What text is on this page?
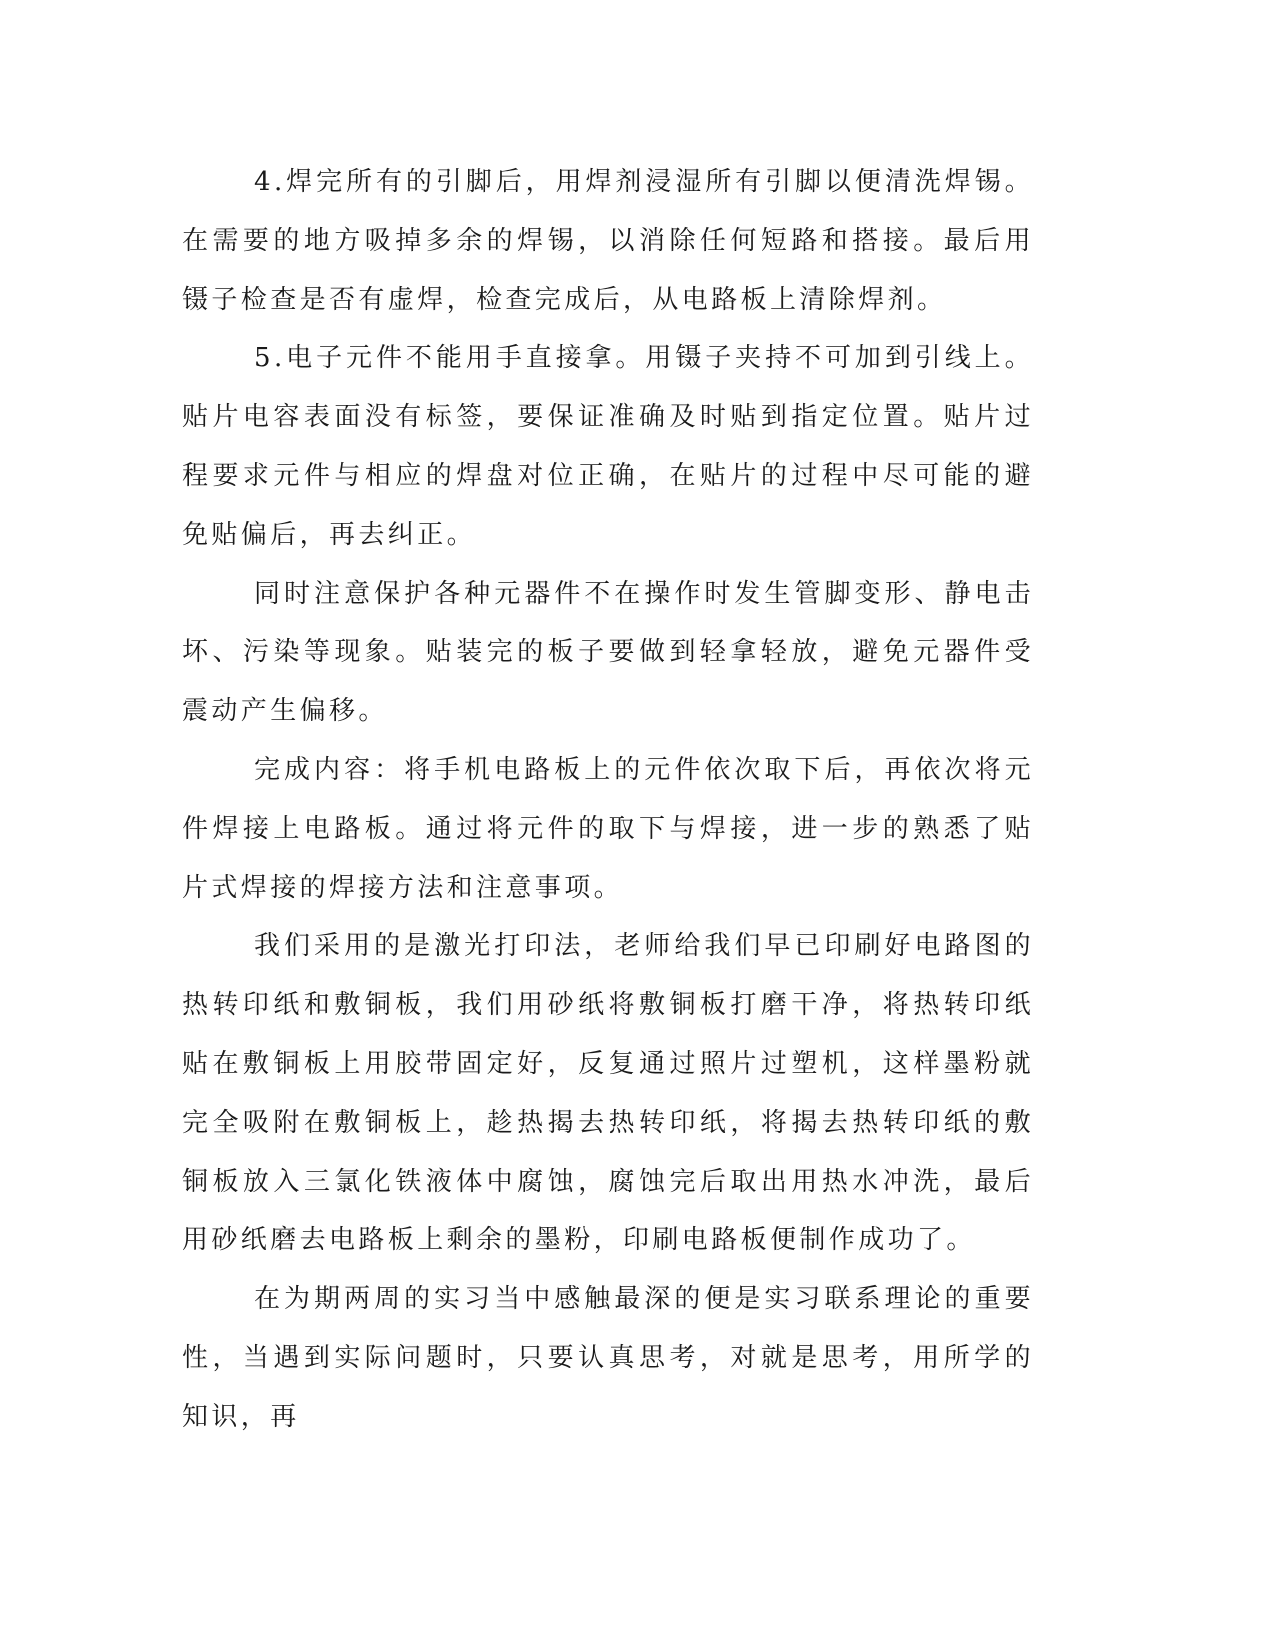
4.焊完所有的引脚后，用焊剂浸湿所有引脚以便清洗焊锡。在需要的地方吸掉多余的焊锡，以消除任何短路和搭接。最后用镊子检查是否有虚焊，检查完成后，从电路板上清除焊剂。

5.电子元件不能用手直接拿。用镊子夹持不可加到引线上。贴片电容表面没有标签，要保证准确及时贴到指定位置。贴片过程要求元件与相应的焊盘对位正确，在贴片的过程中尽可能的避免贴偏后，再去纠正。

同时注意保护各种元器件不在操作时发生管脚变形、静电击坏、污染等现象。贴装完的板子要做到轻拿轻放，避免元器件受震动产生偏移。

完成内容：将手机电路板上的元件依次取下后，再依次将元件焊接上电路板。通过将元件的取下与焊接，进一步的熟悉了贴片式焊接的焊接方法和注意事项。

我们采用的是激光打印法，老师给我们早已印刷好电路图的热转印纸和敷铜板，我们用砂纸将敷铜板打磨干净，将热转印纸贴在敷铜板上用胶带固定好，反复通过照片过塑机，这样墨粉就完全吸附在敷铜板上，趁热揭去热转印纸，将揭去热转印纸的敷铜板放入三氯化铁液体中腐蚀，腐蚀完后取出用热水冲洗，最后用砂纸磨去电路板上剩余的墨粉，印刷电路板便制作成功了。

在为期两周的实习当中感触最深的便是实习联系理论的重要性，当遇到实际问题时，只要认真思考，对就是思考，用所学的知识，再
